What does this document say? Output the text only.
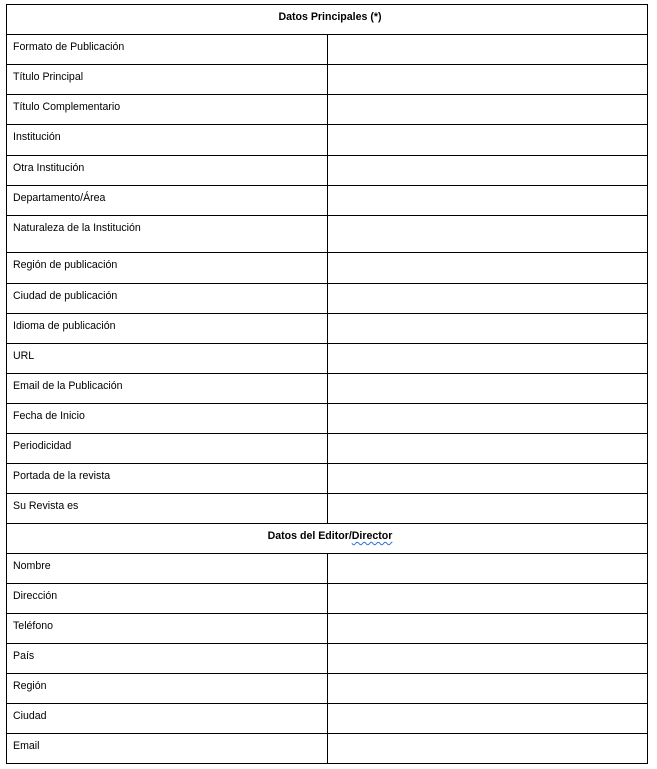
Datos Principales (*)	
Formato de Publicación	
Título Principal	
Título Complementario	
Institución	
Otra Institución	
Departamento/Área	
Naturaleza de la Institución	
Región de publicación	
Ciudad de publicación	
Idioma de publicación	
URL	
Email de la Publicación	
Fecha de Inicio	
Periodicidad	
Portada de la revista	
Su Revista es	
Datos del Editor/Director	
Nombre	
Dirección	
Teléfono	
País	
Región	
Ciudad	
Email	
